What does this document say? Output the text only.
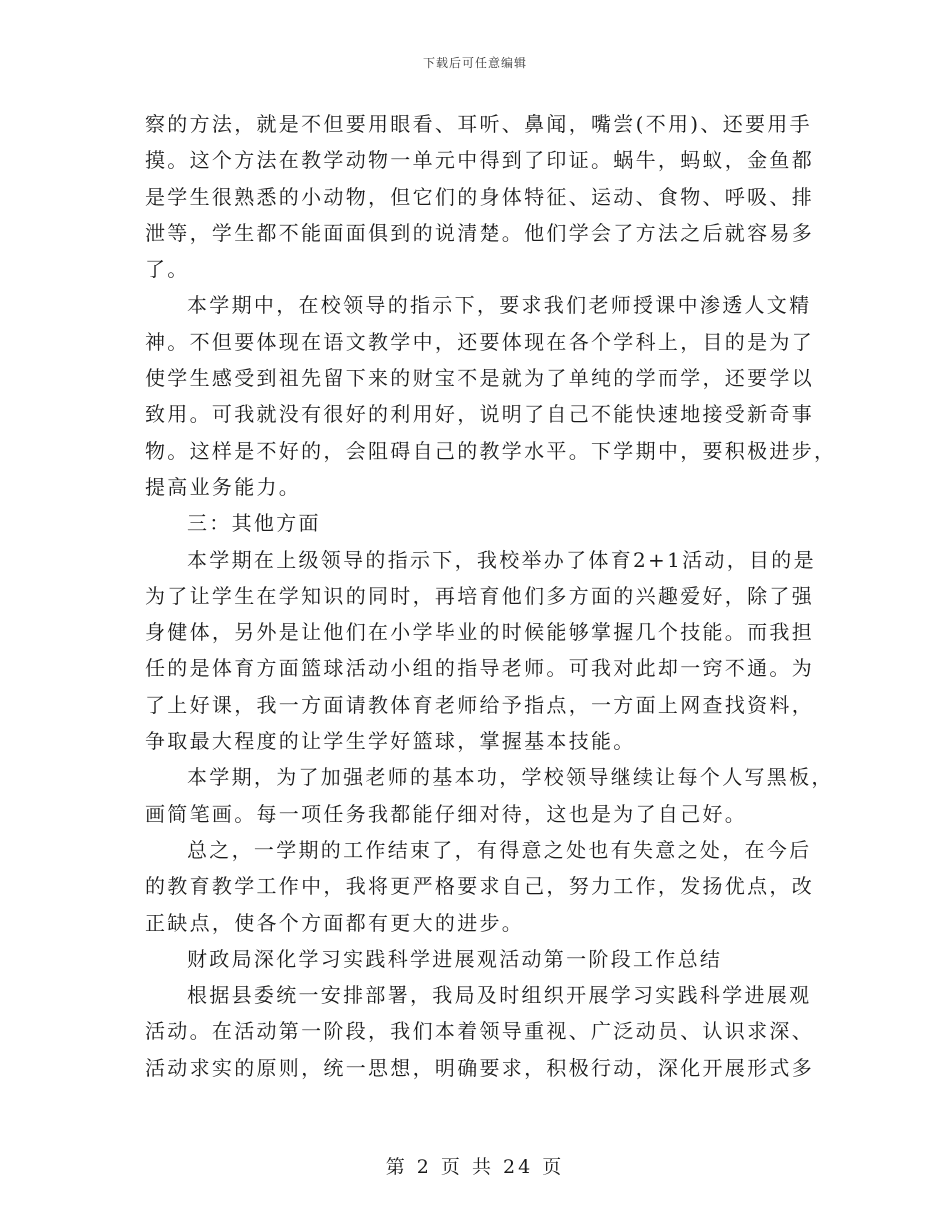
下载后可任意编辑
察的方法，就是不但要用眼看、耳听、鼻闻，嘴尝(不用)、还要用手
摸。这个方法在教学动物一单元中得到了印证。蜗牛，蚂蚁，金鱼都
是学生很熟悉的小动物，但它们的身体特征、运动、食物、呼吸、排
泄等，学生都不能面面俱到的说清楚。他们学会了方法之后就容易多
了。
本学期中，在校领导的指示下，要求我们老师授课中渗透人文精
神。不但要体现在语文教学中，还要体现在各个学科上，目的是为了
使学生感受到祖先留下来的财宝不是就为了单纯的学而学，还要学以
致用。可我就没有很好的利用好，说明了自己不能快速地接受新奇事
物。这样是不好的，会阻碍自己的教学水平。下学期中，要积极进步，
提高业务能力。
三：其他方面
本学期在上级领导的指示下，我校举办了体育2+1活动，目的是
为了让学生在学知识的同时，再培育他们多方面的兴趣爱好，除了强
身健体，另外是让他们在小学毕业的时候能够掌握几个技能。而我担
任的是体育方面篮球活动小组的指导老师。可我对此却一窍不通。为
了上好课，我一方面请教体育老师给予指点，一方面上网查找资料，
争取最大程度的让学生学好篮球，掌握基本技能。
本学期，为了加强老师的基本功，学校领导继续让每个人写黑板，
画简笔画。每一项任务我都能仔细对待，这也是为了自己好。
总之，一学期的工作结束了，有得意之处也有失意之处，在今后
的教育教学工作中，我将更严格要求自己，努力工作，发扬优点，改
正缺点，使各个方面都有更大的进步。
财政局深化学习实践科学进展观活动第一阶段工作总结
根据县委统一安排部署，我局及时组织开展学习实践科学进展观
活动。在活动第一阶段，我们本着领导重视、广泛动员、认识求深、
活动求实的原则，统一思想，明确要求，积极行动，深化开展形式多
第 2 页 共 24 页
